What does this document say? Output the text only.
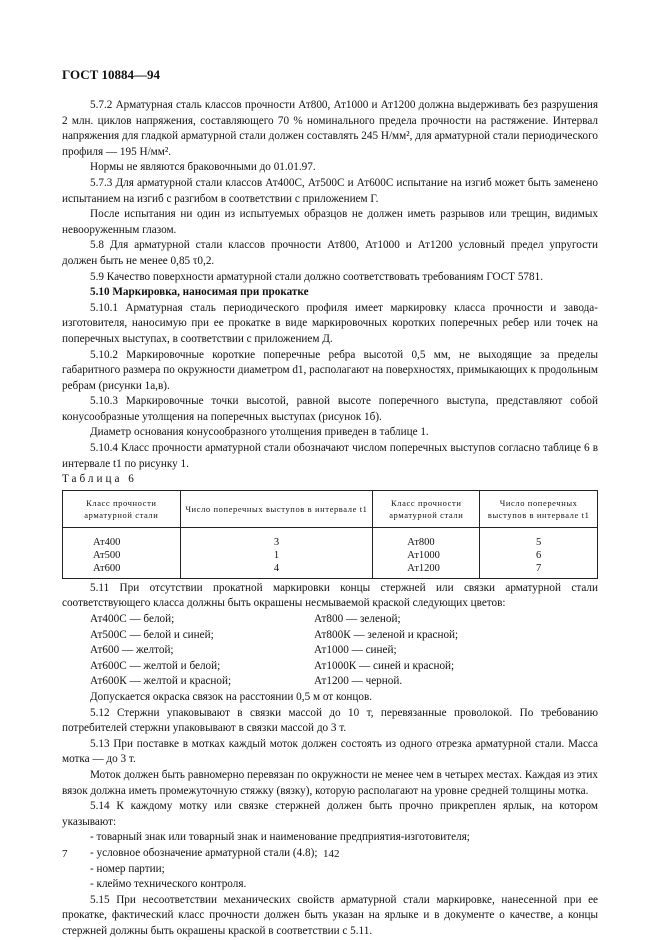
ГОСТ 10884—94

5.7.2 Арматурная сталь классов прочности Ат800, Ат1000 и Ат1200 должна выдерживать без разрушения 2 млн. циклов напряжения, составляющего 70 % номинального предела прочности на растяжение. Интервал напряжения для гладкой арматурной стали должен составлять 245 Н/мм², для арматурной стали периодического профиля — 195 Н/мм².

Нормы не являются браковочными до 01.01.97.

5.7.3 Для арматурной стали классов Ат400С, Ат500С и Ат600С испытание на изгиб может быть заменено испытанием на изгиб с разгибом в соответствии с приложением Г.

После испытания ни один из испытуемых образцов не должен иметь разрывов или трещин, видимых невооруженным глазом.

5.8 Для арматурной стали классов прочности Ат800, Ат1000 и Ат1200 условный предел упругости должен быть не менее 0,85 τ0,2.

5.9 Качество поверхности арматурной стали должно соответствовать требованиям ГОСТ 5781.

5.10 Маркировка, наносимая при прокатке

5.10.1 Арматурная сталь периодического профиля имеет маркировку класса прочности и завода-изготовителя, наносимую при ее прокатке в виде маркировочных коротких поперечных ребер или точек на поперечных выступах, в соответствии с приложением Д.

5.10.2 Маркировочные короткие поперечные ребра высотой 0,5 мм, не выходящие за пределы габаритного размера по окружности диаметром d1, располагают на поверхностях, примыкающих к продольным ребрам (рисунки 1а,в).

5.10.3 Маркировочные точки высотой, равной высоте поперечного выступа, представляют собой конусообразные утолщения на поперечных выступах (рисунок 1б).

Диаметр основания конусообразного утолщения приведен в таблице 1.

5.10.4 Класс прочности арматурной стали обозначают числом поперечных выступов согласно таблице 6 в интервале t1 по рисунку 1.

Таблица 6

Класс прочности арматурной стали	Число поперечных выступов в интервале t1	Класс прочности арматурной стали	Число поперечных выступов в интервале t1
Ат400	3	Ат800	5
Ат500	1	Ат1000	6
Ат600	4	Ат1200	7

5.11 При отсутствии прокатной маркировки концы стержней или связки арматурной стали соответствующего класса должны быть окрашены несмываемой краской следующих цветов:

Ат400С — белой;	Ат800 — зеленой;
Ат500С — белой и синей;	Ат800К — зеленой и красной;
Ат600 — желтой;	Ат1000 — синей;
Ат600С — желтой и белой;	Ат1000К — синей и красной;
Ат600К — желтой и красной;	Ат1200 — черной.

Допускается окраска связок на расстоянии 0,5 м от концов.

5.12 Стержни упаковывают в связки массой до 10 т, перевязанные проволокой. По требованию потребителей стержни упаковывают в связки массой до 3 т.

5.13 При поставке в мотках каждый моток должен состоять из одного отрезка арматурной стали. Масса мотка — до 3 т.

Моток должен быть равномерно перевязан по окружности не менее чем в четырех местах. Каждая из этих вязок должна иметь промежуточную стяжку (вязку), которую располагают на уровне средней толщины мотка.

5.14 К каждому мотку или связке стержней должен быть прочно прикреплен ярлык, на котором указывают:

- товарный знак или товарный знак и наименование предприятия-изготовителя;

- условное обозначение арматурной стали (4.8);

- номер партии;

- клеймо технического контроля.

5.15 При несоответствии механических свойств арматурной стали маркировке, нанесенной при ее прокатке, фактический класс прочности должен быть указан на ярлыке и в документе о качестве, а концы стержней должны быть окрашены краской в соответствии с 5.11.

7	142
